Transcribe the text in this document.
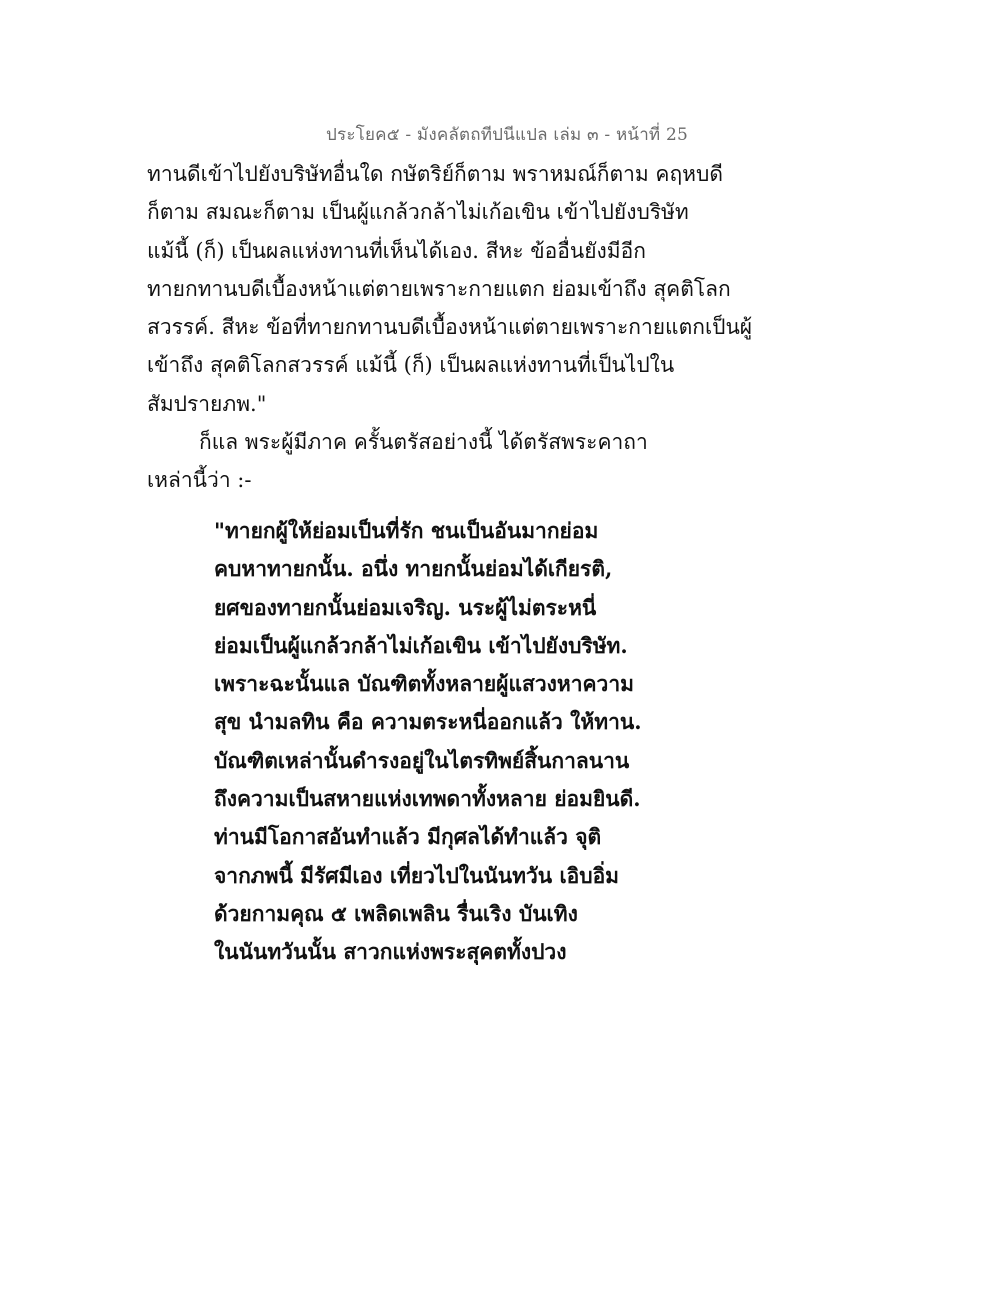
ประโยค๕ - มังคลัตถทีปนีแปล เล่ม ๓ - หน้าที่ 25
ทานดีเข้าไปยังบริษัทอื่นใด กษัตริย์ก็ตาม พราหมณ์ก็ตาม คฤหบดี
ก็ตาม สมณะก็ตาม เป็นผู้แกล้วกล้าไม่เก้อเขิน เข้าไปยังบริษัท
แม้นี้ (ก็) เป็นผลแห่งทานที่เห็นได้เอง. สีหะ ข้ออื่นยังมีอีก
ทายกทานบดีเบื้องหน้าแต่ตายเพราะกายแตก ย่อมเข้าถึง สุคติโลก
สวรรค์. สีหะ ข้อที่ทายกทานบดีเบื้องหน้าแต่ตายเพราะกายแตกเป็นผู้
เข้าถึง สุคติโลกสวรรค์ แม้นี้ (ก็) เป็นผลแห่งทานที่เป็นไปใน
สัมปรายภพ."
ก็แล พระผู้มีภาค ครั้นตรัสอย่างนี้ ได้ตรัสพระคาถา
เหล่านี้ว่า :-
"ทายกผู้ให้ย่อมเป็นที่รัก ชนเป็นอันมากย่อม
คบหาทายกนั้น. อนึ่ง ทายกนั้นย่อมได้เกียรติ,
ยศของทายกนั้นย่อมเจริญ. นระผู้ไม่ตระหนี่
ย่อมเป็นผู้แกล้วกล้าไม่เก้อเขิน เข้าไปยังบริษัท.
เพราะฉะนั้นแล บัณฑิตทั้งหลายผู้แสวงหาความ
สุข นำมลทิน คือ ความตระหนี่ออกแล้ว ให้ทาน.
บัณฑิตเหล่านั้นดำรงอยู่ในไตรทิพย์สิ้นกาลนาน
ถึงความเป็นสหายแห่งเทพดาทั้งหลาย ย่อมยินดี.
ท่านมีโอกาสอันทำแล้ว มีกุศลได้ทำแล้ว จุติ
จากภพนี้ มีรัศมีเอง เที่ยวไปในนันทวัน เอิบอิ่ม
ด้วยกามคุณ ๕ เพลิดเพลิน รื่นเริง บันเทิง
ในนันทวันนั้น สาวกแห่งพระสุคตทั้งปวง
